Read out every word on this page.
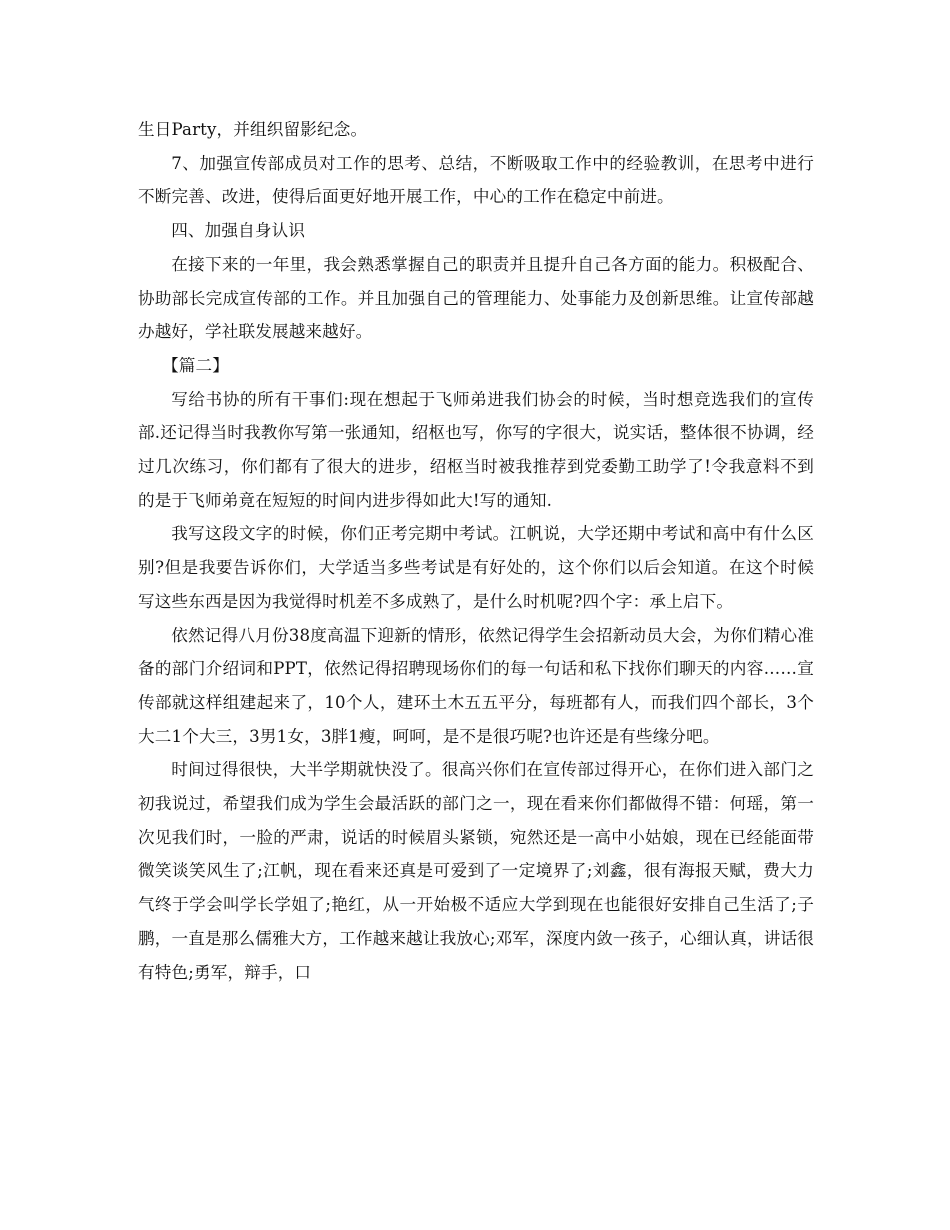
生日Party，并组织留影纪念。

7、加强宣传部成员对工作的思考、总结，不断吸取工作中的经验教训，在思考中进行不断完善、改进，使得后面更好地开展工作，中心的工作在稳定中前进。

四、加强自身认识

在接下来的一年里，我会熟悉掌握自己的职责并且提升自己各方面的能力。积极配合、协助部长完成宣传部的工作。并且加强自己的管理能力、处事能力及创新思维。让宣传部越办越好，学社联发展越来越好。

【篇二】

写给书协的所有干事们:现在想起于飞师弟进我们协会的时候，当时想竞选我们的宣传部.还记得当时我教你写第一张通知，绍枢也写，你写的字很大，说实话，整体很不协调，经过几次练习，你们都有了很大的进步，绍枢当时被我推荐到党委勤工助学了!令我意料不到的是于飞师弟竟在短短的时间内进步得如此大!写的通知.

我写这段文字的时候，你们正考完期中考试。江帆说，大学还期中考试和高中有什么区别?但是我要告诉你们，大学适当多些考试是有好处的，这个你们以后会知道。在这个时候写这些东西是因为我觉得时机差不多成熟了，是什么时机呢?四个字：承上启下。

依然记得八月份38度高温下迎新的情形，依然记得学生会招新动员大会，为你们精心准备的部门介绍词和PPT，依然记得招聘现场你们的每一句话和私下找你们聊天的内容……宣传部就这样组建起来了，10个人，建环土木五五平分，每班都有人，而我们四个部长，3个大二1个大三，3男1女，3胖1瘦，呵呵，是不是很巧呢?也许还是有些缘分吧。

时间过得很快，大半学期就快没了。很高兴你们在宣传部过得开心，在你们进入部门之初我说过，希望我们成为学生会最活跃的部门之一，现在看来你们都做得不错：何瑶，第一次见我们时，一脸的严肃，说话的时候眉头紧锁，宛然还是一高中小姑娘，现在已经能面带微笑谈笑风生了;江帆，现在看来还真是可爱到了一定境界了;刘鑫，很有海报天赋，费大力气终于学会叫学长学姐了;艳红，从一开始极不适应大学到现在也能很好安排自己生活了;子鹏，一直是那么儒雅大方，工作越来越让我放心;邓军，深度内敛一孩子，心细认真，讲话很有特色;勇军，辩手，口
